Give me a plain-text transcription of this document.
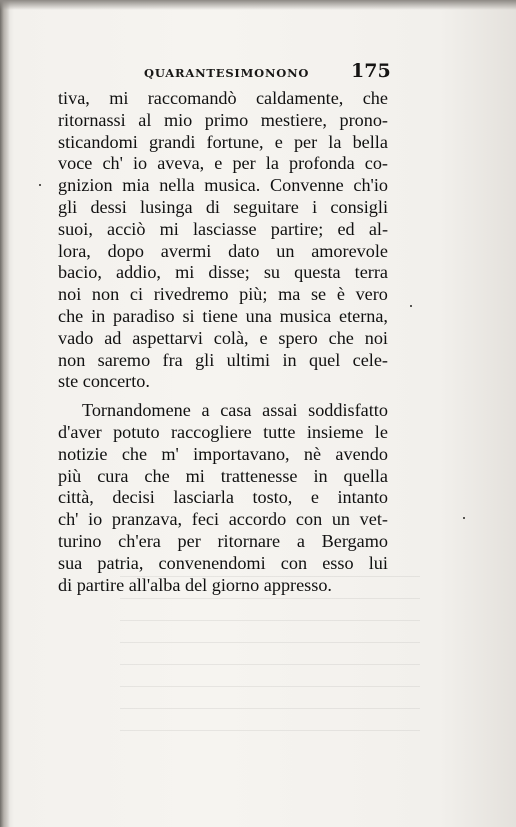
QUARANTESIMONONO 175
tiva, mi raccomandò caldamente, che
ritornassi al mio primo mestiere, prono-
sticandomi grandi fortune, e per la bella
voce ch' io aveva, e per la profonda co-
gnizion mia nella musica. Convenne ch'io
gli dessi lusinga di seguitare i consigli
suoi, acciò mi lasciasse partire; ed al-
lora, dopo avermi dato un amorevole
bacio, addio, mi disse; su questa terra
noi non ci rivedremo più; ma se è vero
che in paradiso si tiene una musica eterna,
vado ad aspettarvi colà, e spero che noi
non saremo fra gli ultimi in quel cele-
ste concerto.
Tornandomene a casa assai soddisfatto
d'aver potuto raccogliere tutte insieme le
notizie che m' importavano, nè avendo
più cura che mi trattenesse in quella
città, decisi lasciarla tosto, e intanto
ch' io pranzava, feci accordo con un vet-
turino ch'era per ritornare a Bergamo
sua patria, convenendomi con esso lui
di partire all'alba del giorno appresso.
